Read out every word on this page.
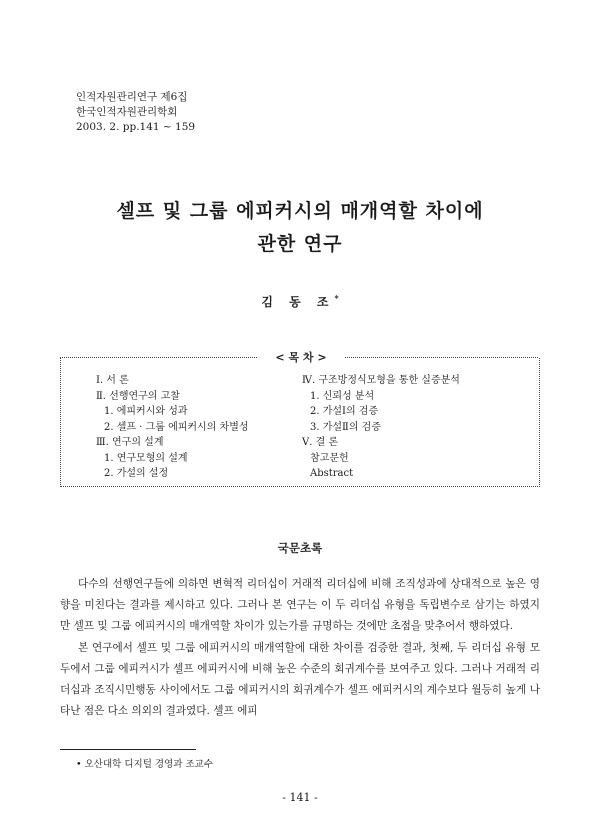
인적자원관리연구 제6집
한국인적자원관리학회
2003. 2. pp.141 ~ 159
셀프 및 그룹 에피커시의 매개역할 차이에
관한 연구
김 동 조*
< 목 차 >
Ⅰ. 서 론
Ⅱ. 선행연구의 고찰
1. 에피커시와 성과
2. 셀프 · 그룹 에피커시의 차별성
Ⅲ. 연구의 설계
1. 연구모형의 설계
2. 가설의 설정
Ⅳ. 구조방정식모형을 통한 실증분석
1. 신뢰성 분석
2. 가설Ⅰ의 검증
3. 가설Ⅱ의 검증
Ⅴ. 결 론
참고문헌
Abstract
국문초록

다수의 선행연구들에 의하면 변혁적 리더십이 거래적 리더십에 비해 조직성과에 상대적으로 높은 영향을 미친다는 결과를 제시하고 있다. 그러나 본 연구는 이 두 리더십 유형을 독립변수로 삼기는 하였지만 셀프 및 그룹 에피커시의 매개역할 차이가 있는가를 규명하는 것에만 초점을 맞추어서 행하였다.

본 연구에서 셀프 및 그룹 에피커시의 매개역할에 대한 차이를 검증한 결과, 첫째, 두 리더십 유형 모두에서 그룹 에피커시가 셀프 에피커시에 비해 높은 수준의 회귀계수를 보여주고 있다. 그러나 거래적 리더십과 조직시민행동 사이에서도 그룹 에피커시의 회귀계수가 셀프 에피커시의 계수보다 월등히 높게 나타난 점은 다소 의외의 결과였다. 셀프 에피

• 오산대학 디지털 경영과 조교수
- 141 -
